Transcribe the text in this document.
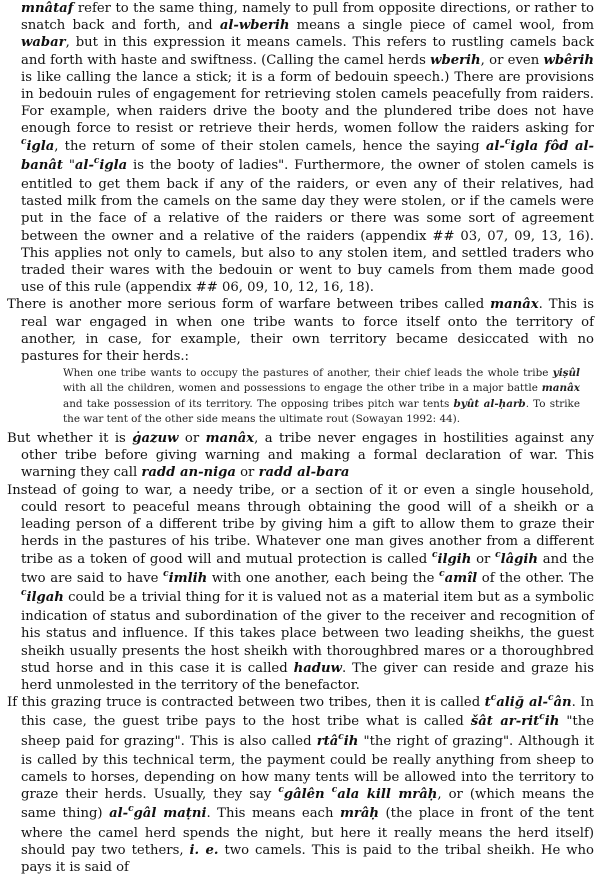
mnâtaf refer to the same thing, namely to pull from opposite directions, or rather to snatch back and forth, and al-wberih means a single piece of camel wool, from wabar, but in this expression it means camels. This refers to rustling camels back and forth with haste and swiftness. (Calling the camel herds wberih, or even wbêrih is like calling the lance a stick; it is a form of bedouin speech.) There are provisions in bedouin rules of engagement for retrieving stolen camels peacefully from raiders. For example, when raiders drive the booty and the plundered tribe does not have enough force to resist or retrieve their herds, women follow the raiders asking for $^c$igla, the return of some of their stolen camels, hence the saying al-$^c$igla fôd al-banât "al-$^c$igla is the booty of ladies". Furthermore, the owner of stolen camels is entitled to get them back if any of the raiders, or even any of their relatives, had tasted milk from the camels on the same day they were stolen, or if the camels were put in the face of a relative of the raiders or there was some sort of agreement between the owner and a relative of the raiders (appendix ## 03, 07, 09, 13, 16). This applies not only to camels, but also to any stolen item, and settled traders who traded their wares with the bedouin or went to buy camels from them made good use of this rule (appendix ## 06, 09, 10, 12, 16, 18).

There is another more serious form of warfare between tribes called manâx. This is real war engaged in when one tribe wants to force itself onto the territory of another, in case, for example, their own territory became desiccated with no pastures for their herds.:

When one tribe wants to occupy the pastures of another, their chief leads the whole tribe yiṣûl with all the children, women and possessions to engage the other tribe in a major battle manâx and take possession of its territory. The opposing tribes pitch war tents byût al-ḥarb. To strike the war tent of the other side means the ultimate rout (Sowayan 1992: 44).

But whether it is ġazuw or manâx, a tribe never engages in hostilities against any other tribe before giving warning and making a formal declaration of war. This warning they call radd an-niga or radd al-bara

Instead of going to war, a needy tribe, or a section of it or even a single household, could resort to peaceful means through obtaining the good will of a sheikh or a leading person of a different tribe by giving him a gift to allow them to graze their herds in the pastures of his tribe. Whatever one man gives another from a different tribe as a token of good will and mutual protection is called $^c$ilgih or $^c$lâgih and the two are said to have $^c$imlih with one another, each being the $^c$amîl of the other. The $^c$ilgah could be a trivial thing for it is valued not as a material item but as a symbolic indication of status and subordination of the giver to the receiver and recognition of his status and influence. If this takes place between two leading sheikhs, the guest sheikh usually presents the host sheikh with thoroughbred mares or a thoroughbred stud horse and in this case it is called haduw. The giver can reside and graze his herd unmolested in the territory of the benefactor.

If this grazing truce is contracted between two tribes, then it is called $t^caliğ$ al-$^c$ân. In this case, the guest tribe pays to the host tribe what is called šât ar-rit$^c$ih "the sheep paid for grazing". This is also called rtâ$^c$ih "the right of grazing". Although it is called by this technical term, the payment could be really anything from sheep to camels to horses, depending on how many tents will be allowed into the territory to graze their herds. Usually, they say $^c$gâlên $^c$ala kill mrâḥ, or (which means the same thing) al-$^c$gâl maṭni. This means each mrâḥ (the place in front of the tent where the camel herd spends the night, but here it really means the herd itself) should pay two tethers, i. e. two camels. This is paid to the tribal sheikh. He who pays it is said of
